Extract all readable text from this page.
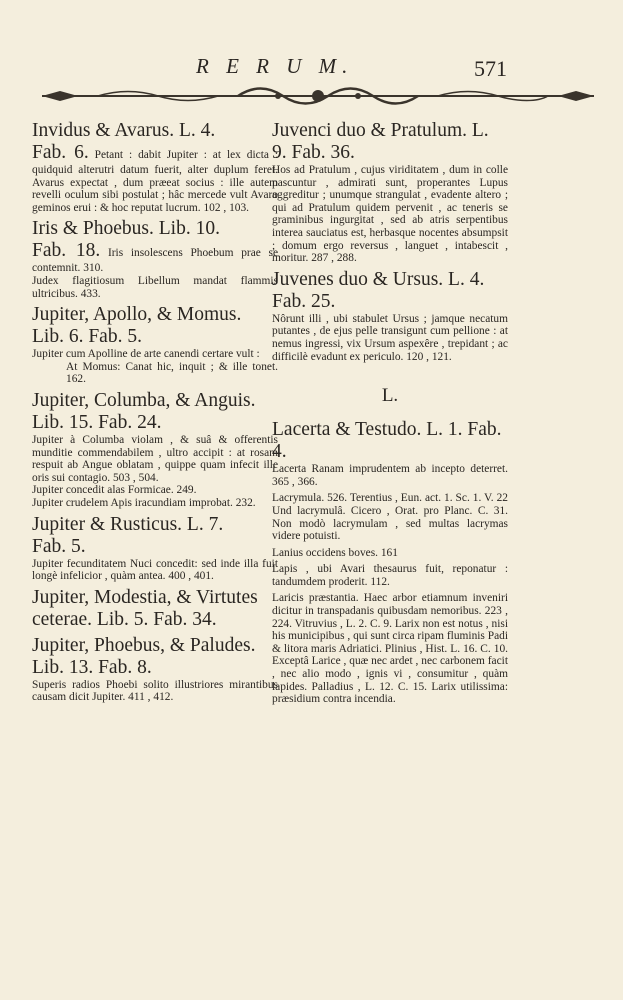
R E R U M.	571
Invidus & Avarus. L. 4.
Fab. 6. Petant : dabit Jupiter : at lex dicta : quidquid alterutri datum fuerit, alter duplum feret. Avarus expectat , dum præeat socius : ille autem revelli oculum sibi postulat ; hâc mercede vult Avaro geminos erui : & hoc reputat lucrum. 102 , 103.
Iris & Phoebus. Lib. 10.
Fab. 18. Iris insolescens Phoebum prae se contemnit. 310.
Judex flagitiosum Libellum mandat flammis ultricibus. 433.
Jupiter, Apollo, & Momus. Lib. 6. Fab. 5.
Jupiter cum Apolline de arte canendi certare vult :
At Momus: Canat hic, inquit ; & ille tonet. 162.
Jupiter, Columba, & Anguis. Lib. 15. Fab. 24.
Jupiter à Columba violam , & suâ & offerentis munditie commendabilem , ultro accipit : at rosam respuit ab Angue oblatam , quippe quam infecit ille oris sui contagio. 503 , 504.
Jupiter concedit alas Formicae. 249.
Jupiter crudelem Apis iracundiam improbat. 232.
Jupiter & Rusticus. L. 7.
Fab. 5.
Jupiter fecunditatem Nuci concedit: sed inde illa fuit longè infelicior , quàm antea. 400 , 401.
Jupiter, Modestia, & Virtutes ceterae. Lib. 5. Fab. 34.
Jupiter, Phoebus, & Paludes. Lib. 13. Fab. 8.
Superis radios Phoebi solito illustriores mirantibus causam dicit Jupiter. 411 , 412.
Juvenci duo & Pratulum. L. 9. Fab. 36.
Hos ad Pratulum , cujus viriditatem , dum in colle pascuntur , admirati sunt, properantes Lupus aggreditur ; unumque strangulat , evadente altero ; qui ad Pratulum quidem pervenit , ac teneris se graminibus ingurgitat , sed ab atris serpentibus interea sauciatus est, herbasque nocentes absumpsit ; domum ergo reversus , languet , intabescit , moritur. 287 , 288.
Juvenes duo & Ursus. L. 4. Fab. 25.
Nôrunt illi , ubi stabulet Ursus ; jamque necatum putantes , de ejus pelle transigunt cum pellione : at nemus ingressi, vix Ursum aspexêre , trepidant ; ac difficilè evadunt ex periculo. 120 , 121.
L.
Lacerta & Testudo. L. 1. Fab. 4.
Lacerta Ranam imprudentem ab incepto deterret. 365 , 366.
Lacrymula. 526. Terentius , Eun. act. 1. Sc. 1. V. 22 Und lacrymulâ. Cicero , Orat. pro Planc. C. 31. Non modò lacrymulam , sed multas lacrymas videre potuisti.
Lanius occidens boves. 161
Lapis , ubi Avari thesaurus fuit, reponatur : tandumdem proderit. 112.
Laricis præstantia. Haec arbor etiamnum inveniri dicitur in transpadanis quibusdam nemoribus. 223 , 224. Vitruvius , L. 2. C. 9. Larix non est notus , nisi his municipibus , qui sunt circa ripam fluminis Padi & litora maris Adriatici. Plinius , Hist. L. 16. C. 10. Exceptâ Larice , quæ nec ardet , nec carbonem facit , nec alio modo , ignis vi , consumitur , quàm lapides. Palladius , L. 12. C. 15. Larix utilissima: præsidium contra incendia.
